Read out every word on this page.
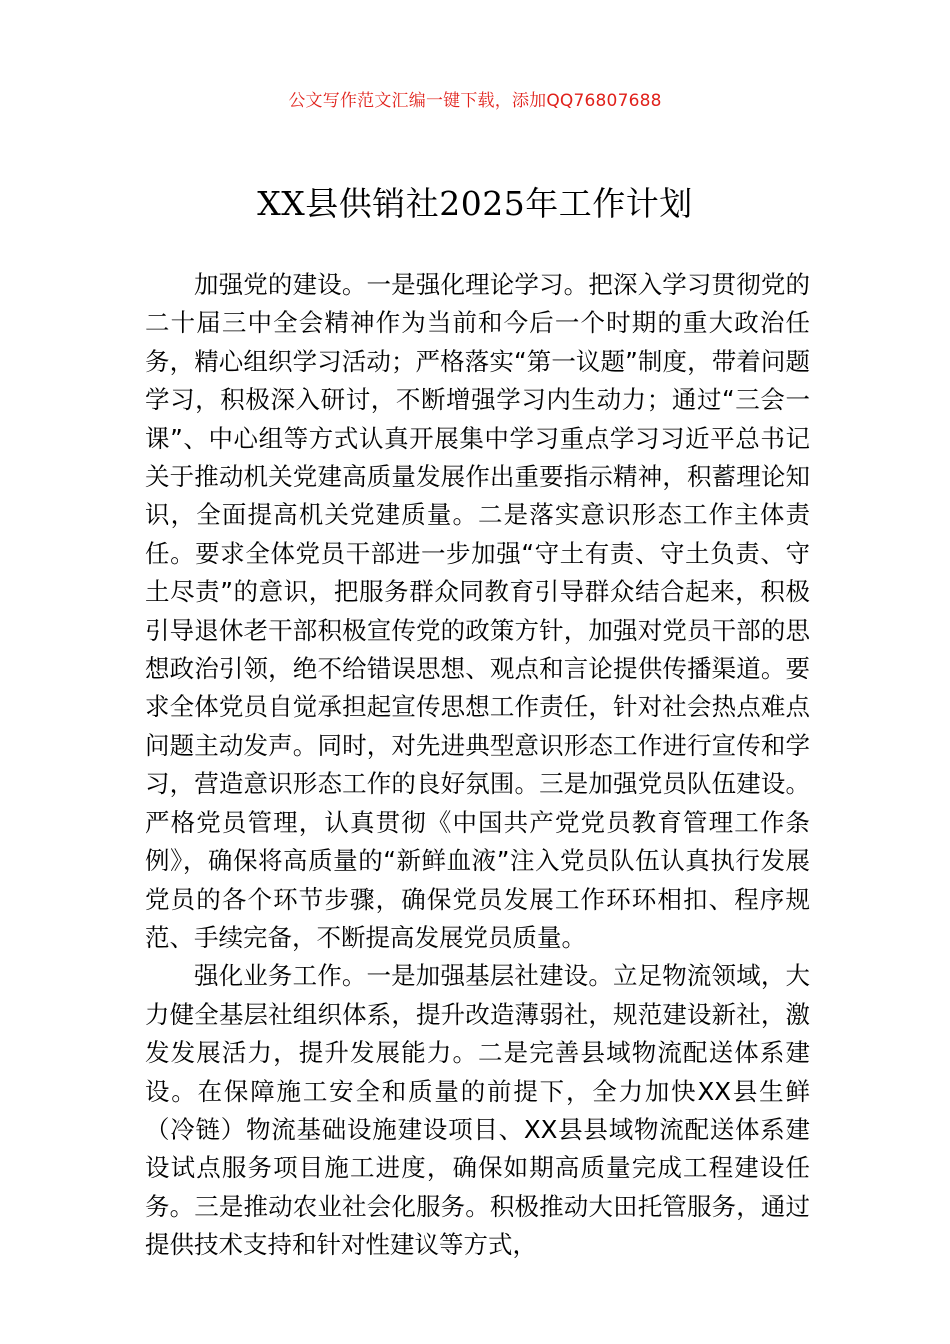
公文写作范文汇编一键下载，添加QQ76807688

XX县供销社2025年工作计划

加强党的建设。一是强化理论学习。把深入学习贯彻党的二十届三中全会精神作为当前和今后一个时期的重大政治任务，精心组织学习活动；严格落实“第一议题”制度，带着问题学习，积极深入研讨，不断增强学习内生动力；通过“三会一课”、中心组等方式认真开展集中学习重点学习习近平总书记关于推动机关党建高质量发展作出重要指示精神，积蓄理论知识，全面提高机关党建质量。二是落实意识形态工作主体责任。要求全体党员干部进一步加强“守土有责、守土负责、守土尽责”的意识，把服务群众同教育引导群众结合起来，积极引导退休老干部积极宣传党的政策方针，加强对党员干部的思想政治引领，绝不给错误思想、观点和言论提供传播渠道。要求全体党员自觉承担起宣传思想工作责任，针对社会热点难点问题主动发声。同时，对先进典型意识形态工作进行宣传和学习，营造意识形态工作的良好氛围。三是加强党员队伍建设。严格党员管理，认真贯彻《中国共产党党员教育管理工作条例》，确保将高质量的“新鲜血液”注入党员队伍认真执行发展党员的各个环节步骤，确保党员发展工作环环相扣、程序规范、手续完备，不断提高发展党员质量。

强化业务工作。一是加强基层社建设。立足物流领域，大力健全基层社组织体系，提升改造薄弱社，规范建设新社，激发发展活力，提升发展能力。二是完善县域物流配送体系建设。在保障施工安全和质量的前提下，全力加快XX县生鲜（冷链）物流基础设施建设项目、XX县县域物流配送体系建设试点服务项目施工进度，确保如期高质量完成工程建设任务。三是推动农业社会化服务。积极推动大田托管服务，通过提供技术支持和针对性建议等方式，
